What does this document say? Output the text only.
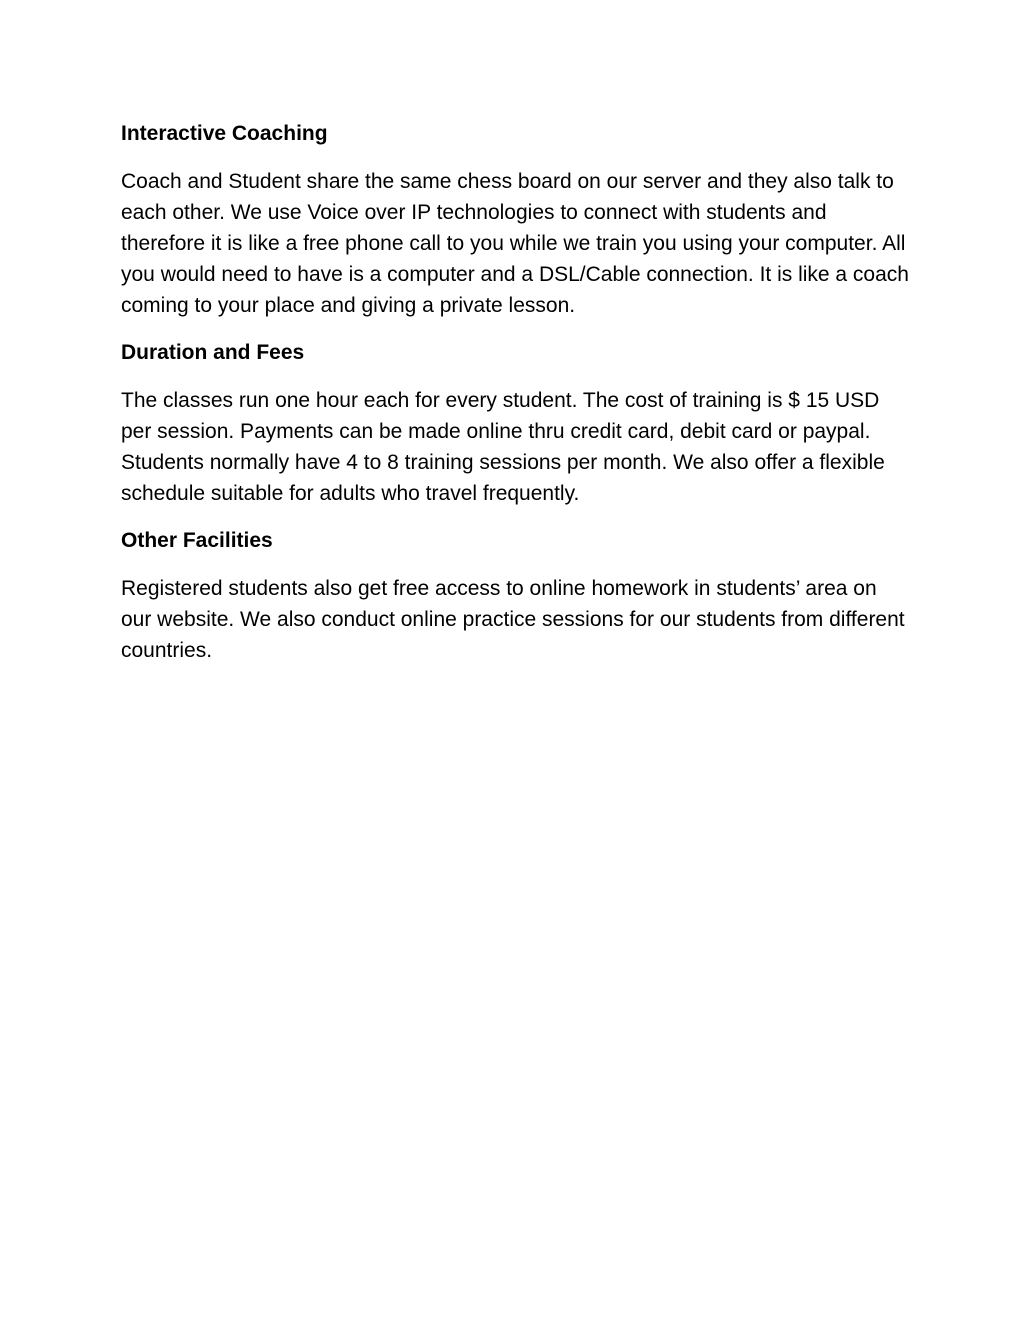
Interactive Coaching

Coach and Student share the same chess board on our server and they also talk to each other. We use Voice over IP technologies to connect with students and therefore it is like a free phone call to you while we train you using your computer. All you would need to have is a computer and a DSL/Cable connection. It is like a coach coming to your place and giving a private lesson.

Duration and Fees

The classes run one hour each for every student. The cost of training is $ 15 USD per session. Payments can be made online thru credit card, debit card or paypal. Students normally have 4 to 8 training sessions per month. We also offer a flexible schedule suitable for adults who travel frequently.

Other Facilities

Registered students also get free access to online homework in students’ area on our website. We also conduct online practice sessions for our students from different countries.
